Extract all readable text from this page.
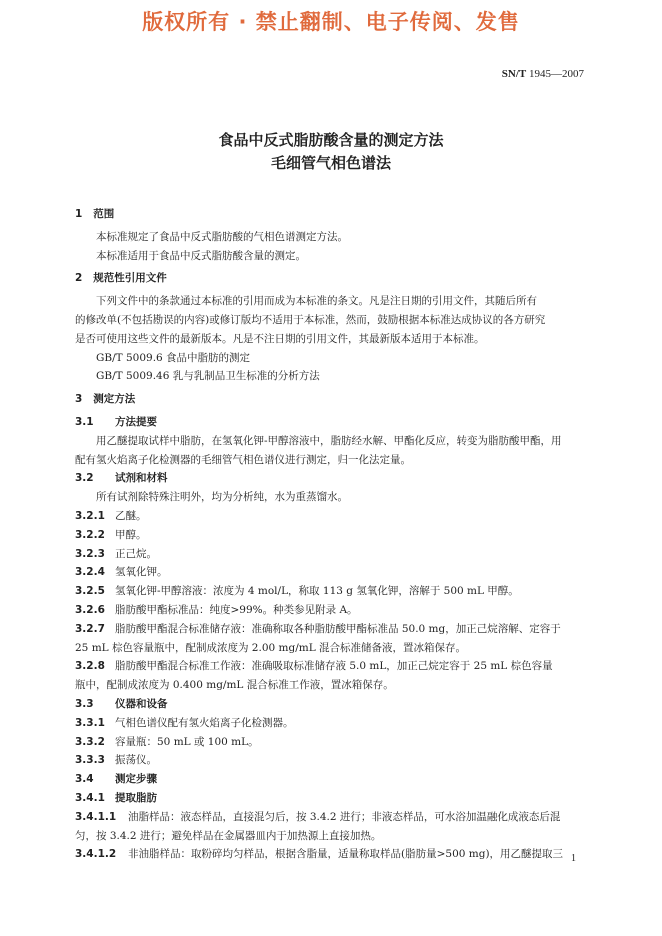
版权所有 · 禁止翻制、电子传阅、发售
SN/T 1945—2007
食品中反式脂肪酸含量的测定方法
毛细管气相色谱法
1 范围
本标准规定了食品中反式脂肪酸的气相色谱测定方法。
本标准适用于食品中反式脂肪酸含量的测定。
2 规范性引用文件
下列文件中的条款通过本标准的引用而成为本标准的条文。凡是注日期的引用文件，其随后所有
的修改单(不包括勘误的内容)或修订版均不适用于本标准，然而，鼓励根据本标准达成协议的各方研究
是否可使用这些文件的最新版本。凡是不注日期的引用文件，其最新版本适用于本标准。
GB/T 5009.6 食品中脂肪的测定
GB/T 5009.46 乳与乳制品卫生标准的分析方法
3 测定方法
3.1 方法提要
用乙醚提取试样中脂肪，在氢氧化钾-甲醇溶液中，脂肪经水解、甲酯化反应，转变为脂肪酸甲酯，用
配有氢火焰离子化检测器的毛细管气相色谱仪进行测定，归一化法定量。
3.2 试剂和材料
所有试剂除特殊注明外，均为分析纯，水为重蒸馏水。
3.2.1 乙醚。
3.2.2 甲醇。
3.2.3 正己烷。
3.2.4 氢氧化钾。
3.2.5 氢氧化钾-甲醇溶液：浓度为 4 mol/L，称取 113 g 氢氧化钾，溶解于 500 mL 甲醇。
3.2.6 脂肪酸甲酯标准品：纯度>99%。种类参见附录 A。
3.2.7 脂肪酸甲酯混合标准储存液：准确称取各种脂肪酸甲酯标准品 50.0 mg，加正己烷溶解、定容于
25 mL 棕色容量瓶中，配制成浓度为 2.00 mg/mL 混合标准储备液，置冰箱保存。
3.2.8 脂肪酸甲酯混合标准工作液：准确吸取标准储存液 5.0 mL，加正己烷定容于 25 mL 棕色容量
瓶中，配制成浓度为 0.400 mg/mL 混合标准工作液，置冰箱保存。
3.3 仪器和设备
3.3.1 气相色谱仪配有氢火焰离子化检测器。
3.3.2 容量瓶：50 mL 或 100 mL。
3.3.3 振荡仪。
3.4 测定步骤
3.4.1 提取脂肪
3.4.1.1 油脂样品：液态样品，直接混匀后，按 3.4.2 进行；非液态样品，可水浴加温融化成液态后混
匀，按 3.4.2 进行；避免样品在金属器皿内于加热源上直接加热。
3.4.1.2 非油脂样品：取粉碎均匀样品，根据含脂量，适量称取样品(脂肪量>500 mg)，用乙醚提取三 1
